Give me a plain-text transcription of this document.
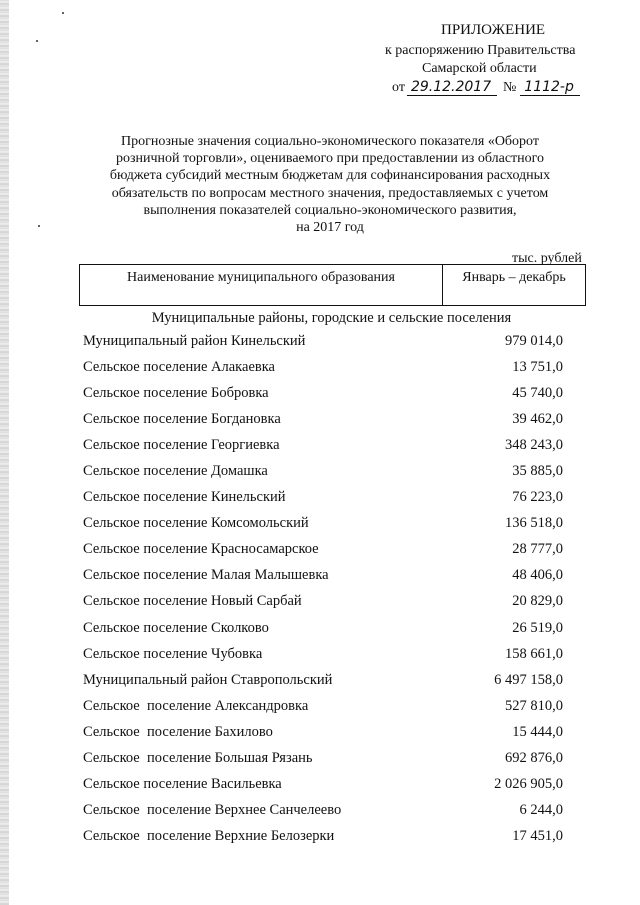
ПРИЛОЖЕНИЕ
к распоряжению Правительства
Самарской области
от 29.12.2017 № 1112-р
Прогнозные значения социально-экономического показателя «Оборот
розничной торговли», оцениваемого при предоставлении из областного
бюджета субсидий местным бюджетам для софинансирования расходных
обязательств по вопросам местного значения, предоставляемых с учетом
выполнения показателей социально-экономического развития,
на 2017 год
тыс. рублей
Наименование муниципального образования	Январь – декабрь
Муниципальные районы, городские и сельские поселения
Муниципальный район Кинельский	979 014,0
Сельское поселение Алакаевка	13 751,0
Сельское поселение Бобровка	45 740,0
Сельское поселение Богдановка	39 462,0
Сельское поселение Георгиевка	348 243,0
Сельское поселение Домашка	35 885,0
Сельское поселение Кинельский	76 223,0
Сельское поселение Комсомольский	136 518,0
Сельское поселение Красносамарское	28 777,0
Сельское поселение Малая Малышевка	48 406,0
Сельское поселение Новый Сарбай	20 829,0
Сельское поселение Сколково	26 519,0
Сельское поселение Чубовка	158 661,0
Муниципальный район Ставропольский	6 497 158,0
Сельское  поселение Александровка	527 810,0
Сельское  поселение Бахилово	15 444,0
Сельское  поселение Большая Рязань	692 876,0
Сельское поселение Васильевка	2 026 905,0
Сельское  поселение Верхнее Санчелеево	6 244,0
Сельское  поселение Верхние Белозерки	17 451,0
